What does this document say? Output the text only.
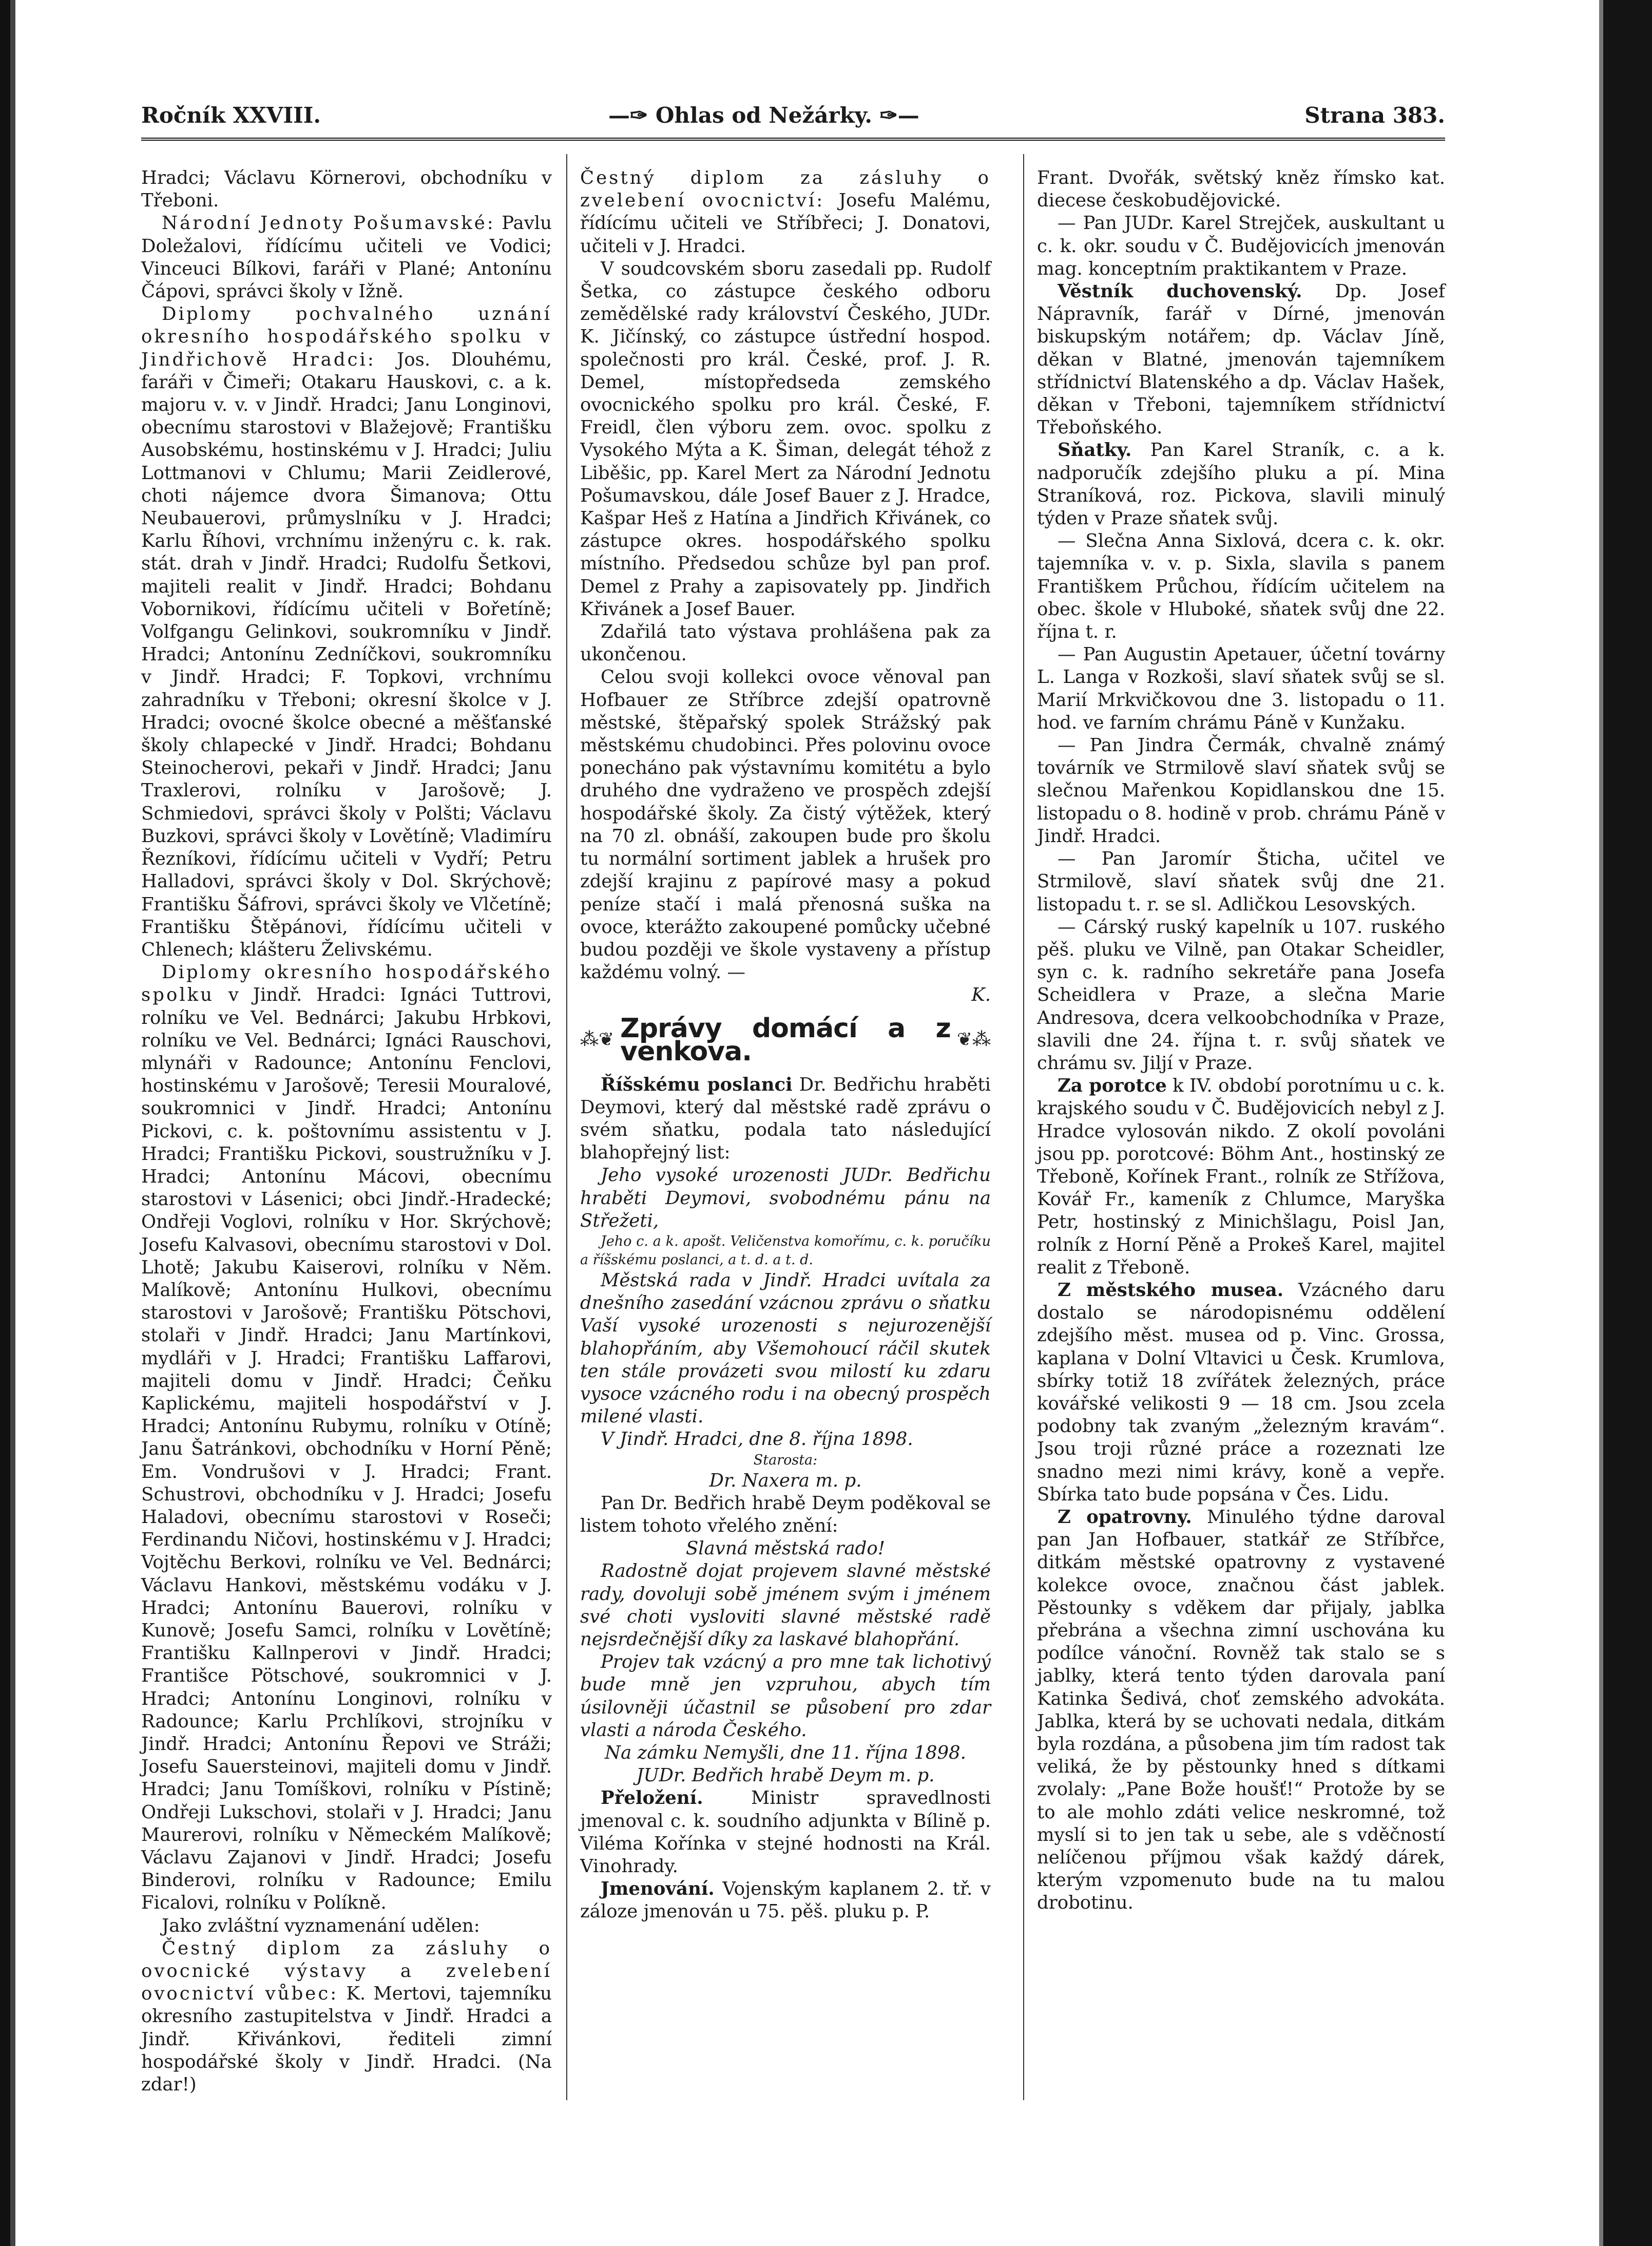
Ročník XXVIII.	—✑ Ohlas od Nežárky. ✑—	Strana 383.

Hradci; Václavu Körnerovi, obchodníku v Třeboni.

Národní Jednoty Pošumavské: Pavlu Doležalovi, řídícímu učiteli ve Vodici; Vinceuci Bílkovi, faráři v Plané; Antonínu Čápovi, správci školy v Ižně.

Diplomy pochvalného uznání okresního hospodářského spolku v Jindřichově Hradci: Jos. Dlouhému, faráři v Čimeři; Otakaru Hauskovi, c. a k. majoru v. v. v Jindř. Hradci; Janu Longinovi, obecnímu starostovi v Blažejově; Františku Ausobskému, hostinskému v J. Hradci; Juliu Lottmanovi v Chlumu; Marii Zeidlerové, choti nájemce dvora Šimanova; Ottu Neubauerovi, průmyslníku v J. Hradci; Karlu Říhovi, vrchnímu inženýru c. k. rak. stát. drah v Jindř. Hradci; Rudolfu Šetkovi, majiteli realit v Jindř. Hradci; Bohdanu Vobornikovi, řídícímu učiteli v Bořetíně; Volfgangu Gelinkovi, soukromníku v Jindř. Hradci; Antonínu Zedníčkovi, soukromníku v Jindř. Hradci; F. Topkovi, vrchnímu zahradníku v Třeboni; okresní školce v J. Hradci; ovocné školce obecné a měšťanské školy chlapecké v Jindř. Hradci; Bohdanu Steinocherovi, pekaři v Jindř. Hradci; Janu Traxlerovi, rolníku v Jarošově; J. Schmiedovi, správci školy v Polšti; Václavu Buzkovi, správci školy v Lovětíně; Vladimíru Řezníkovi, řídícímu učiteli v Vydří; Petru Halladovi, správci školy v Dol. Skrýchově; Františku Šáfrovi, správci školy ve Vlčetíně; Františku Štěpánovi, řídícímu učiteli v Chlenech; klášteru Želivskému.

Diplomy okresního hospodářského spolku v Jindř. Hradci: Ignáci Tuttrovi, rolníku ve Vel. Bednárci; Jakubu Hrbkovi, rolníku ve Vel. Bednárci; Ignáci Rauschovi, mlynáři v Radounce; Antonínu Fenclovi, hostinskému v Jarošově; Teresii Mouralové, soukromnici v Jindř. Hradci; Antonínu Pickovi, c. k. poštovnímu assistentu v J. Hradci; Františku Pickovi, soustružníku v J. Hradci; Antonínu Mácovi, obecnímu starostovi v Lásenici; obci Jindř.-Hradecké; Ondřeji Voglovi, rolníku v Hor. Skrýchově; Josefu Kalvasovi, obecnímu starostovi v Dol. Lhotě; Jakubu Kaiserovi, rolníku v Něm. Malíkově; Antonínu Hulkovi, obecnímu starostovi v Jarošově; Františku Pötschovi, stolaři v Jindř. Hradci; Janu Martínkovi, mydláři v J. Hradci; Františku Laffarovi, majiteli domu v Jindř. Hradci; Čeňku Kaplickému, majiteli hospodářství v J. Hradci; Antonínu Rubymu, rolníku v Otíně; Janu Šatránkovi, obchodníku v Horní Pěně; Em. Vondrušovi v J. Hradci; Frant. Schustrovi, obchodníku v J. Hradci; Josefu Haladovi, obecnímu starostovi v Roseči; Ferdinandu Ničovi, hostinskému v J. Hradci; Vojtěchu Berkovi, rolníku ve Vel. Bednárci; Václavu Hankovi, městskému vodáku v J. Hradci; Antonínu Bauerovi, rolníku v Kunově; Josefu Samci, rolníku v Lovětíně; Františku Kallnperovi v Jindř. Hradci; Františce Pötschové, soukromnici v J. Hradci; Antonínu Longinovi, rolníku v Radounce; Karlu Prchlíkovi, strojníku v Jindř. Hradci; Antonínu Řepovi ve Stráži; Josefu Sauersteinovi, majiteli domu v Jindř. Hradci; Janu Tomíškovi, rolníku v Pístině; Ondřeji Lukschovi, stolaři v J. Hradci; Janu Maurerovi, rolníku v Německém Malíkově; Václavu Zajanovi v Jindř. Hradci; Josefu Binderovi, rolníku v Radounce; Emilu Ficalovi, rolníku v Políkně.

Jako zvláštní vyznamenání udělen:

Čestný diplom za zásluhy o ovocnické výstavy a zvelebení ovocnictví vůbec: K. Mertovi, tajemníku okresního zastupitelstva v Jindř. Hradci a Jindř. Křivánkovi, řediteli zimní hospodářské školy v Jindř. Hradci. (Na zdar!)

Čestný diplom za zásluhy o zvelebení ovocnictví: Josefu Malému, řídícímu učiteli ve Stříbřeci; J. Donatovi, učiteli v J. Hradci.

V soudcovském sboru zasedali pp. Rudolf Šetka, co zástupce českého odboru zemědělské rady království Českého, JUDr. K. Jičínský, co zástupce ústřední hospod. společnosti pro král. České, prof. J. R. Demel, místopředseda zemského ovocnického spolku pro král. České, F. Freidl, člen výboru zem. ovoc. spolku z Vysokého Mýta a K. Šiman, delegát téhož z Liběšic, pp. Karel Mert za Národní Jednotu Pošumavskou, dále Josef Bauer z J. Hradce, Kašpar Heš z Hatína a Jindřich Křivánek, co zástupce okres. hospodářského spolku místního. Předsedou schůze byl pan prof. Demel z Prahy a zapisovately pp. Jindřich Křivánek a Josef Bauer.

Zdařilá tato výstava prohlášena pak za ukončenou.

Celou svoji kollekci ovoce věnoval pan Hofbauer ze Stříbrce zdejší opatrovně městské, štěpařský spolek Strážský pak městskému chudobinci. Přes polovinu ovoce ponecháno pak výstavnímu komitétu a bylo druhého dne vydraženo ve prospěch zdejší hospodářské školy. Za čistý výtěžek, který na 70 zl. obnáší, zakoupen bude pro školu tu normální sortiment jablek a hrušek pro zdejší krajinu z papírové masy a pokud peníze stačí i malá přenosná suška na ovoce, kterážto zakoupené pomůcky učebné budou později ve škole vystaveny a přístup každému volný. —

K.

⁂❦ Zprávy domácí a z venkova.	❦⁂

Říšskému poslanci Dr. Bedřichu hraběti Deymovi, který dal městské radě zprávu o svém sňatku, podala tato následující blahopřejný list:

Jeho vysoké urozenosti JUDr. Bedřichu hraběti Deymovi, svobodnému pánu na Střežeti,

Jeho c. a k. apošt. Veličenstva komořímu, c. k. poručíku a říšskému poslanci, a t. d. a t. d.

Městská rada v Jindř. Hradci uvítala za dnešního zasedání vzácnou zprávu o sňatku Vaší vysoké urozenosti s nejurozenější blahopřáním, aby Všemohoucí ráčil skutek ten stále provázeti svou milostí ku zdaru vysoce vzácného rodu i na obecný prospěch milené vlasti.

V Jindř. Hradci, dne 8. října 1898.

Starosta:

Dr. Naxera m. p.

Pan Dr. Bedřich hrabě Deym poděkoval se listem tohoto vřelého znění:

Slavná městská rado!

Radostně dojat projevem slavné městské rady, dovoluji sobě jménem svým i jménem své choti vysloviti slavné městské radě nejsrdečnější díky za laskavé blahopřání.

Projev tak vzácný a pro mne tak lichotivý bude mně jen vzpruhou, abych tím úsilovněji účastnil se působení pro zdar vlasti a národa Českého.

Na zámku Nemyšli, dne 11. října 1898.

JUDr. Bedřich hrabě Deym m. p.

Přeložení.	Ministr spravedlnosti jmenoval c. k. soudního adjunkta v Bílině p. Viléma Kořínka v stejné hodnosti na Král. Vinohrady.

Jmenování. Vojenským kaplanem 2. tř. v záloze jmenován u 75. pěš. pluku p. P.

Frant. Dvořák, světský kněz římsko kat. diecese českobudějovické.

— Pan JUDr. Karel Strejček, auskultant u c. k. okr. soudu v Č. Budějovicích jmenován mag. konceptním praktikantem v Praze.

Věstník duchovenský. Dp. Josef Nápravník, farář v Dírné, jmenován biskupským notářem; dp. Václav Jíně, děkan v Blatné, jmenován tajemníkem střídnictví Blatenského a dp. Václav Hašek, děkan v Třeboni, tajemníkem střídnictví Třeboňského.

Sňatky. Pan Karel Straník, c. a k. nadporučík zdejšího pluku a pí. Mina Straníková, roz. Pickova, slavili minulý týden v Praze sňatek svůj.

— Slečna Anna Sixlová, dcera c. k. okr. tajemníka v. v. p. Sixla, slavila s panem Františkem Průchou, řídícím učitelem na obec. škole v Hluboké, sňatek svůj dne 22. října t. r.

— Pan Augustin Apetauer, účetní továrny L. Langa v Rozkoši, slaví sňatek svůj se sl. Marií Mrkvičkovou dne 3. listopadu o 11. hod. ve farním chrámu Páně v Kunžaku.

— Pan Jindra Čermák, chvalně známý továrník ve Strmilově slaví sňatek svůj se slečnou Mařenkou Kopidlanskou dne 15. listopadu o 8. hodině v prob. chrámu Páně v Jindř. Hradci.

— Pan Jaromír Šticha, učitel ve Strmilově, slaví sňatek svůj dne 21. listopadu t. r. se sl. Adličkou Lesovských.

— Cárský ruský kapelník u 107. ruského pěš. pluku ve Vilně, pan Otakar Scheidler, syn c. k. radního sekretáře pana Josefa Scheidlera v Praze, a slečna Marie Andresova, dcera velkoobchodníka v Praze, slavili dne 24. října t. r. svůj sňatek ve chrámu sv. Jiljí v Praze.

Za porotce k IV. období porotnímu u c. k. krajského soudu v Č. Budějovicích nebyl z J. Hradce vylosován nikdo. Z okolí povoláni jsou pp. porotcové: Böhm Ant., hostinský ze Třeboně, Kořínek Frant., rolník ze Střížova, Kovář Fr., kameník z Chlumce, Maryška Petr, hostinský z Minichšlagu, Poisl Jan, rolník z Horní Pěně a Prokeš Karel, majitel realit z Třeboně.

Z městského musea. Vzácného daru dostalo se národopisnému oddělení zdejšího měst. musea od p. Vinc. Grossa, kaplana v Dolní Vltavici u Česk. Krumlova, sbírky totiž 18 zvířátek železných, práce kovářské velikosti 9 — 18 cm. Jsou zcela podobny tak zvaným „železným kravám“. Jsou troji různé práce a rozeznati lze snadno mezi nimi krávy, koně a vepře. Sbírka tato bude popsána v Čes. Lidu.

Z opatrovny. Minulého týdne daroval pan Jan Hofbauer, statkář ze Stříbřce, ditkám městské opatrovny z vystavené kolekce ovoce, značnou část jablek. Pěstounky s vděkem dar přijaly, jablka přebrána a všechna zimní uschována ku podílce vánoční. Rovněž tak stalo se s jablky, která tento týden darovala paní Katinka Šedivá, choť zemského advokáta. Jablka, která by se uchovati nedala, ditkám byla rozdána, a působena jim tím radost tak veliká, že by pěstounky hned s dítkami zvolaly: „Pane Bože houšť!“ Protože by se to ale mohlo zdáti velice neskromné, tož myslí si to jen tak u sebe, ale s vděčností nelíčenou příjmou však každý dárek, kterým vzpomenuto bude na tu malou drobotinu.
